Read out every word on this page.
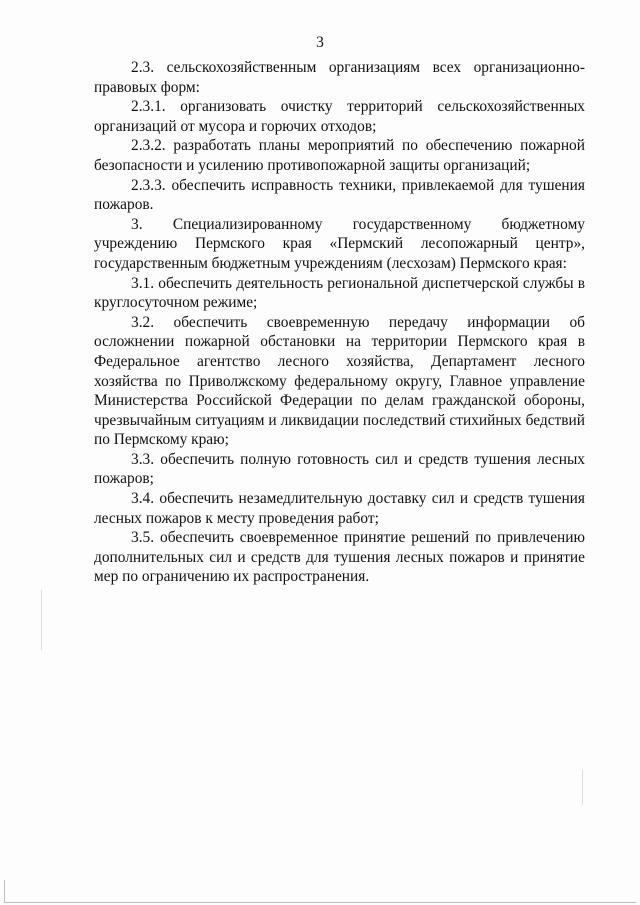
3

2.3. сельскохозяйственным организациям всех организационно-правовых форм:

2.3.1. организовать очистку территорий сельскохозяйственных организаций от мусора и горючих отходов;

2.3.2. разработать планы мероприятий по обеспечению пожарной безопасности и усилению противопожарной защиты организаций;

2.3.3. обеспечить исправность техники, привлекаемой для тушения пожаров.

3. Специализированному государственному бюджетному учреждению Пермского края «Пермский лесопожарный центр», государственным бюджетным учреждениям (лесхозам) Пермского края:

3.1. обеспечить деятельность региональной диспетчерской службы в круглосуточном режиме;

3.2. обеспечить своевременную передачу информации об осложнении пожарной обстановки на территории Пермского края в Федеральное агентство лесного хозяйства, Департамент лесного хозяйства по Приволжскому федеральному округу, Главное управление Министерства Российской Федерации по делам гражданской обороны, чрезвычайным ситуациям и ликвидации последствий стихийных бедствий по Пермскому краю;

3.3. обеспечить полную готовность сил и средств тушения лесных пожаров;

3.4. обеспечить незамедлительную доставку сил и средств тушения лесных пожаров к месту проведения работ;

3.5. обеспечить своевременное принятие решений по привлечению дополнительных сил и средств для тушения лесных пожаров и принятие мер по ограничению их распространения.
